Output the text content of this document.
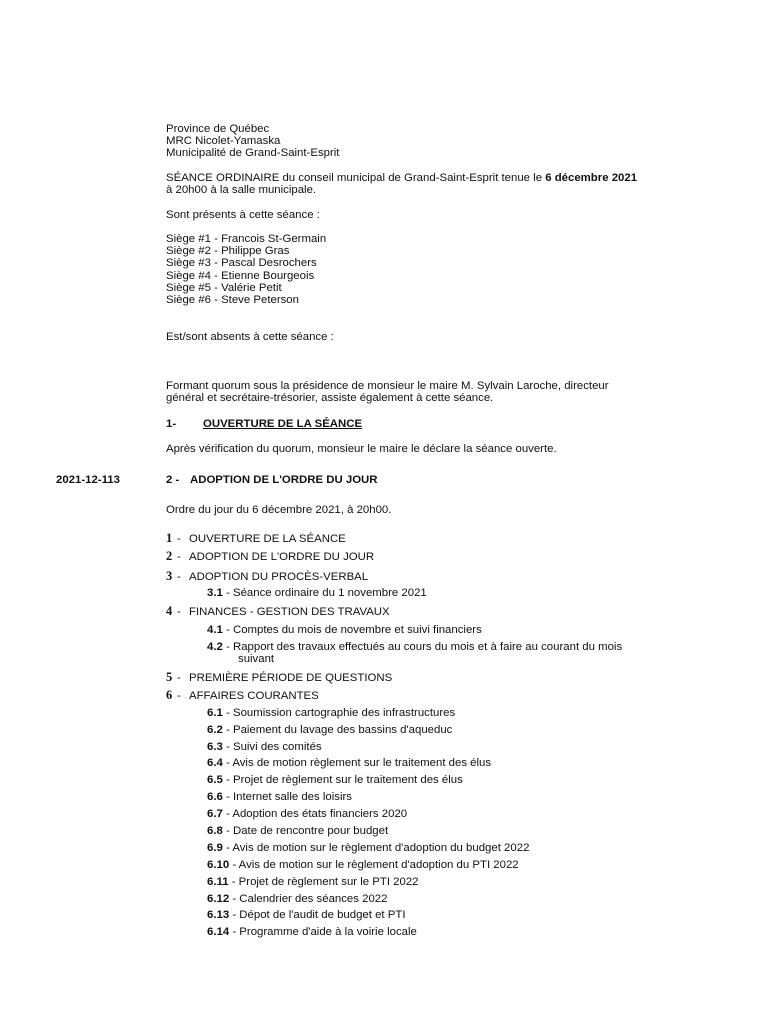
Province de Québec
MRC Nicolet-Yamaska
Municipalité de Grand-Saint-Esprit
SÉANCE ORDINAIRE du conseil municipal de Grand-Saint-Esprit tenue le 6 décembre 2021
à 20h00 à la salle municipale.
Sont présents à cette séance :
Siège #1 - Francois St-Germain
Siège #2 - Philippe Gras
Siège #3 - Pascal Desrochers
Siège #4 - Etienne Bourgeois
Siège #5 - Valérie Petit
Siège #6 - Steve Peterson
Est/sont absents à cette séance :
Formant quorum sous la présidence de monsieur le maire M. Sylvain Laroche, directeur
général et secrétaire-trésorier, assiste également à cette séance.
1- OUVERTURE DE LA SÉANCE
Après vérification du quorum, monsieur le maire le déclare la séance ouverte.
2021-12-113	2 - ADOPTION DE L'ORDRE DU JOUR
Ordre du jour du 6 décembre 2021, à 20h00.
1- OUVERTURE DE LA SÉANCE
2- ADOPTION DE L'ORDRE DU JOUR
3- ADOPTION DU PROCÈS-VERBAL
3.1 - Séance ordinaire du 1 novembre 2021
4- FINANCES - GESTION DES TRAVAUX
4.1 - Comptes du mois de novembre et suivi financiers
4.2 - Rapport des travaux effectués au cours du mois et à faire au courant du mois
suivant
5- PREMIÈRE PÉRIODE DE QUESTIONS
6- AFFAIRES COURANTES
6.1 - Soumission cartographie des infrastructures
6.2 - Paiement du lavage des bassins d'aqueduc
6.3 - Suivi des comités
6.4 - Avis de motion règlement sur le traitement des élus
6.5 - Projet de règlement sur le traitement des élus
6.6 - Internet salle des loisirs
6.7 - Adoption des états financiers 2020
6.8 - Date de rencontre pour budget
6.9 - Avis de motion sur le règlement d'adoption du budget 2022
6.10 - Avis de motion sur le règlement d'adoption du PTI 2022
6.11 - Projet de règlement sur le PTI 2022
6.12 - Calendrier des séances 2022
6.13 - Dépot de l'audit de budget et PTI
6.14 - Programme d'aide à la voirie locale
